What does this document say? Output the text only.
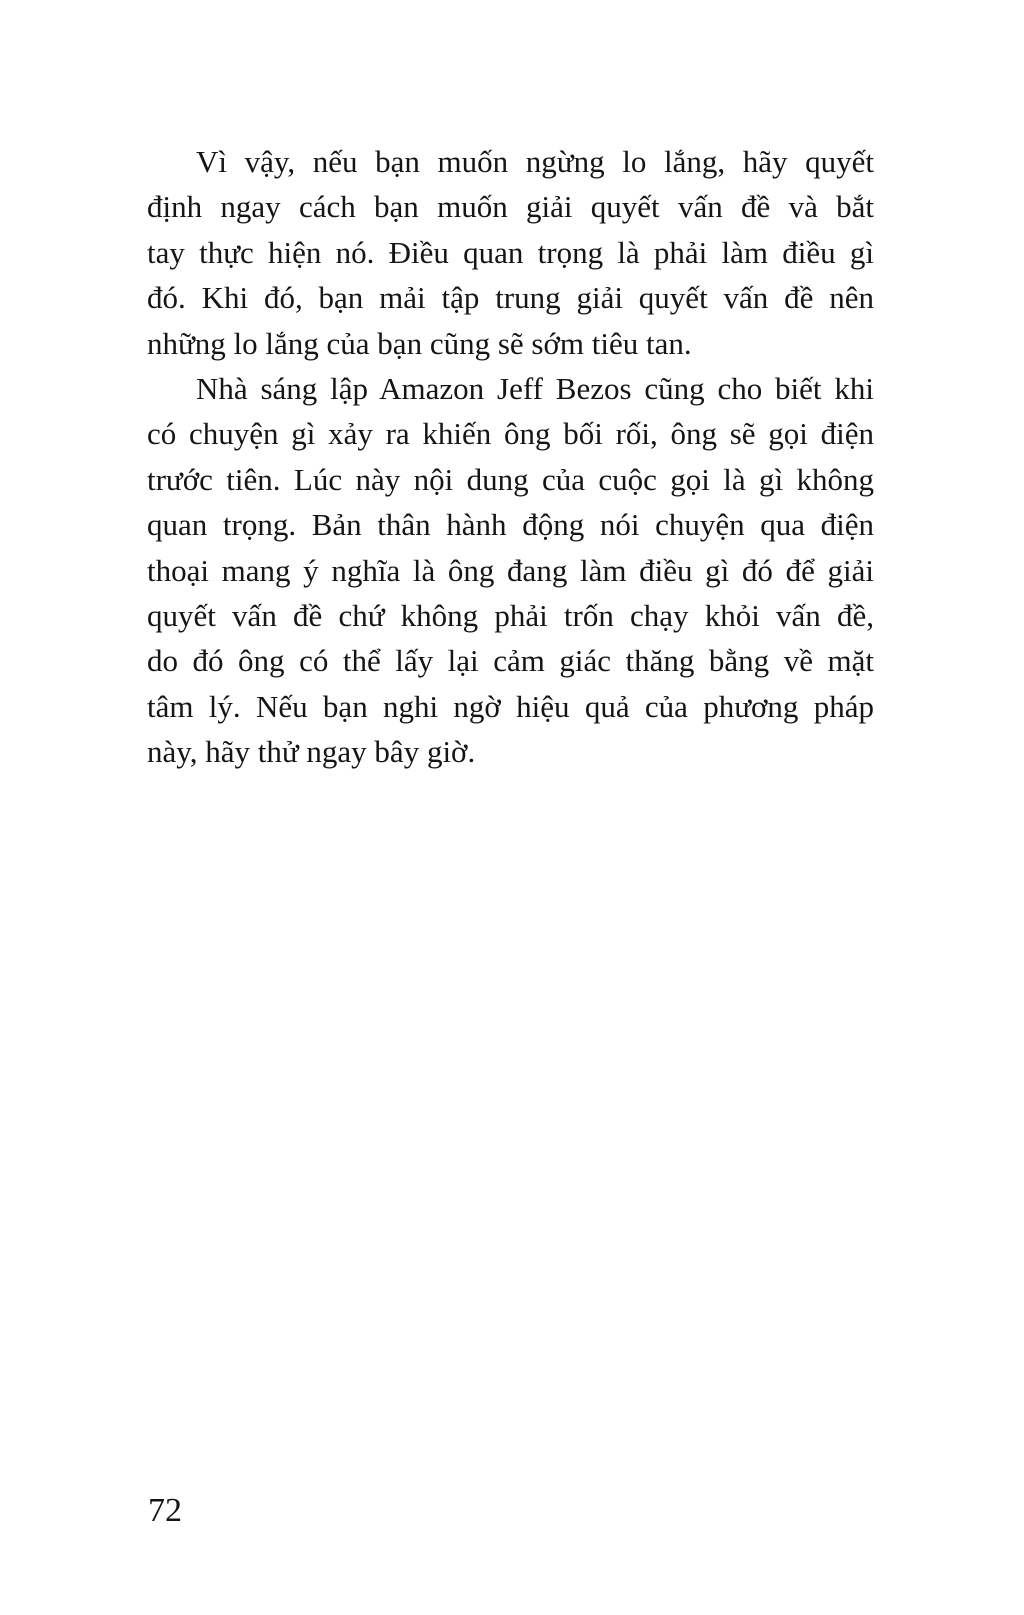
Vì vậy, nếu bạn muốn ngừng lo lắng, hãy quyết
định ngay cách bạn muốn giải quyết vấn đề và bắt
tay thực hiện nó. Điều quan trọng là phải làm điều gì
đó. Khi đó, bạn mải tập trung giải quyết vấn đề nên
những lo lắng của bạn cũng sẽ sớm tiêu tan.
Nhà sáng lập Amazon Jeff Bezos cũng cho biết khi
có chuyện gì xảy ra khiến ông bối rối, ông sẽ gọi điện
trước tiên. Lúc này nội dung của cuộc gọi là gì không
quan trọng. Bản thân hành động nói chuyện qua điện
thoại mang ý nghĩa là ông đang làm điều gì đó để giải
quyết vấn đề chứ không phải trốn chạy khỏi vấn đề,
do đó ông có thể lấy lại cảm giác thăng bằng về mặt
tâm lý. Nếu bạn nghi ngờ hiệu quả của phương pháp
này, hãy thử ngay bây giờ.
72
